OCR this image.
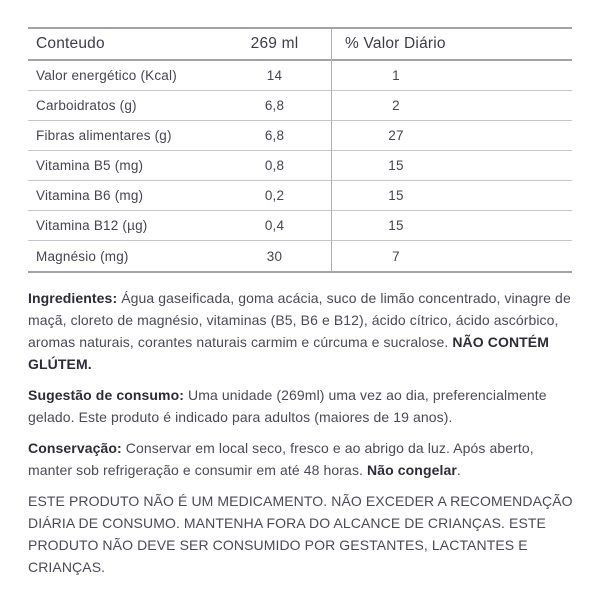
Conteudo	269 ml	% Valor Diário
Valor energético (Kcal)	14	1
Carboidratos (g)	6,8	2
Fibras alimentares (g)	6,8	27
Vitamina B5 (mg)	0,8	15
Vitamina B6 (mg)	0,2	15
Vitamina B12 (µg)	0,4	15
Magnésio (mg)	30	7

Ingredientes: Água gaseificada, goma acácia, suco de limão concentrado, vinagre de maçã, cloreto de magnésio, vitaminas (B5, B6 e B12), ácido cítrico, ácido ascórbico, aromas naturais, corantes naturais carmim e cúrcuma e sucralose. NÃO CONTÉM GLÚTEM.

Sugestão de consumo: Uma unidade (269ml) uma vez ao dia, preferencialmente gelado. Este produto é indicado para adultos (maiores de 19 anos).

Conservação: Conservar em local seco, fresco e ao abrigo da luz. Após aberto, manter sob refrigeração e consumir em até 48 horas. Não congelar.

ESTE PRODUTO NÃO É UM MEDICAMENTO. NÃO EXCEDER A RECOMENDAÇÃO DIÁRIA DE CONSUMO. MANTENHA FORA DO ALCANCE DE CRIANÇAS. ESTE PRODUTO NÃO DEVE SER CONSUMIDO POR GESTANTES, LACTANTES E CRIANÇAS.
